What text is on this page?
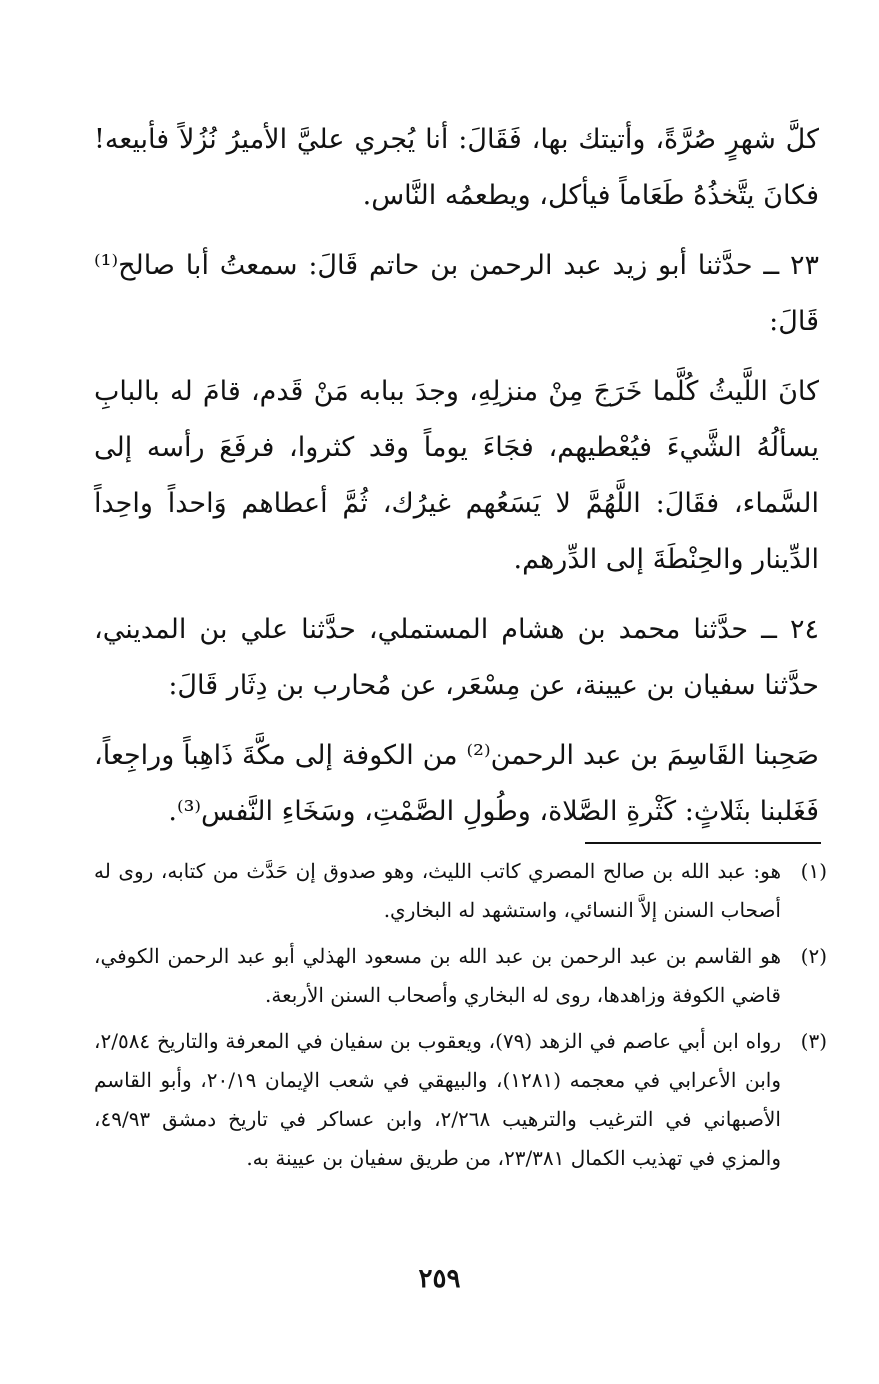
كلَّ شهرٍ صُرَّةً، وأتيتك بها، فَقَالَ: أنا يُجري عليَّ الأميرُ نُزُلاً فأبيعه! فكانَ يتَّخذُهُ طَعَاماً فيأكل، ويطعمُه النَّاس.

٢٣ ــ حدَّثنا أبو زيد عبد الرحمن بن حاتم قَالَ: سمعتُ أبا صالح⁽¹⁾ قَالَ:

كانَ اللَّيثُ كُلَّما خَرَجَ مِنْ منزلِهِ، وجدَ ببابه مَنْ قَدم، قامَ له بالبابِ يسألُهُ الشَّيءَ فيُعْطيهم، فجَاءَ يوماً وقد كثروا، فرفَعَ رأسه إلى السَّماء، فقَالَ: اللَّهُمَّ لا يَسَعُهم غيرُك، ثُمَّ أعطاهم وَاحداً واحِداً الدِّينار والحِنْطَةَ إلى الدِّرهم.

٢٤ ــ حدَّثنا محمد بن هشام المستملي، حدَّثنا علي بن المديني، حدَّثنا سفيان بن عيينة، عن مِسْعَر، عن مُحارب بن دِثَار قَالَ:

صَحِبنا القَاسِمَ بن عبد الرحمن⁽²⁾ من الكوفة إلى مكَّةَ ذَاهِباً وراجِعاً، فَغَلبنا بثَلاثٍ: كَثْرةِ الصَّلاة، وطُولِ الصَّمْتِ، وسَخَاءِ النَّفس⁽³⁾.

(١)
هو: عبد الله بن صالح المصري كاتب الليث، وهو صدوق إن حَدَّث من كتابه، روى له أصحاب السنن إلاَّ النسائي، واستشهد له البخاري.
(٢)
هو القاسم بن عبد الرحمن بن عبد الله بن مسعود الهذلي أبو عبد الرحمن الكوفي، قاضي الكوفة وزاهدها، روى له البخاري وأصحاب السنن الأربعة.
(٣)
رواه ابن أبي عاصم في الزهد (٧٩)، ويعقوب بن سفيان في المعرفة والتاريخ ٢/٥٨٤، وابن الأعرابي في معجمه (١٢٨١)، والبيهقي في شعب الإيمان ٢٠/١٩، وأبو القاسم الأصبهاني في الترغيب والترهيب ٢/٢٦٨، وابن عساكر في تاريخ دمشق ٤٩/٩٣، والمزي في تهذيب الكمال ٢٣/٣٨١، من طريق سفيان بن عيينة به.
٢٥٩
